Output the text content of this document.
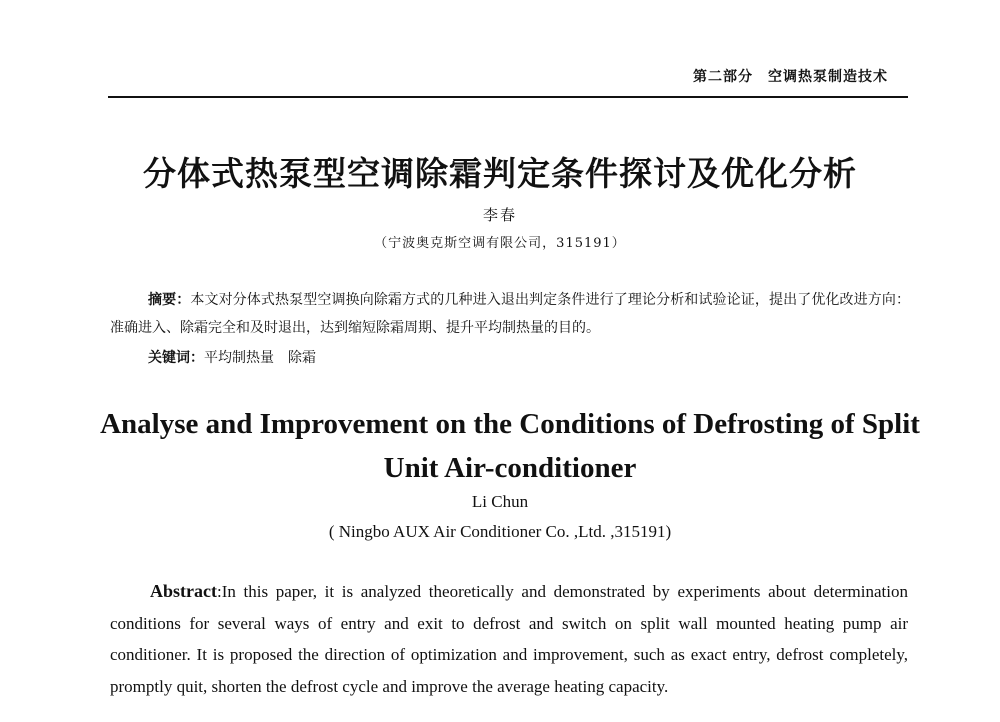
第二部分　空调热泵制造技术
分体式热泵型空调除霜判定条件探讨及优化分析
李春
（宁波奥克斯空调有限公司，315191）

摘要：本文对分体式热泵型空调换向除霜方式的几种进入退出判定条件进行了理论分析和试验论证，提出了优化改进方向：准确进入、除霜完全和及时退出，达到缩短除霜周期、提升平均制热量的目的。

关键词：平均制热量　除霜
Analyse and Improvement on the Conditions of Defrosting of Split Unit Air-conditioner
Li Chun
( Ningbo AUX Air Conditioner Co. ,Ltd. ,315191)

Abstract:In this paper, it is analyzed theoretically and demonstrated by experiments about determination conditions for several ways of entry and exit to defrost and switch on split wall mounted heating pump air conditioner. It is proposed the direction of optimization and improvement, such as exact entry, defrost completely, promptly quit, shorten the defrost cycle and improve the average heating capacity.
